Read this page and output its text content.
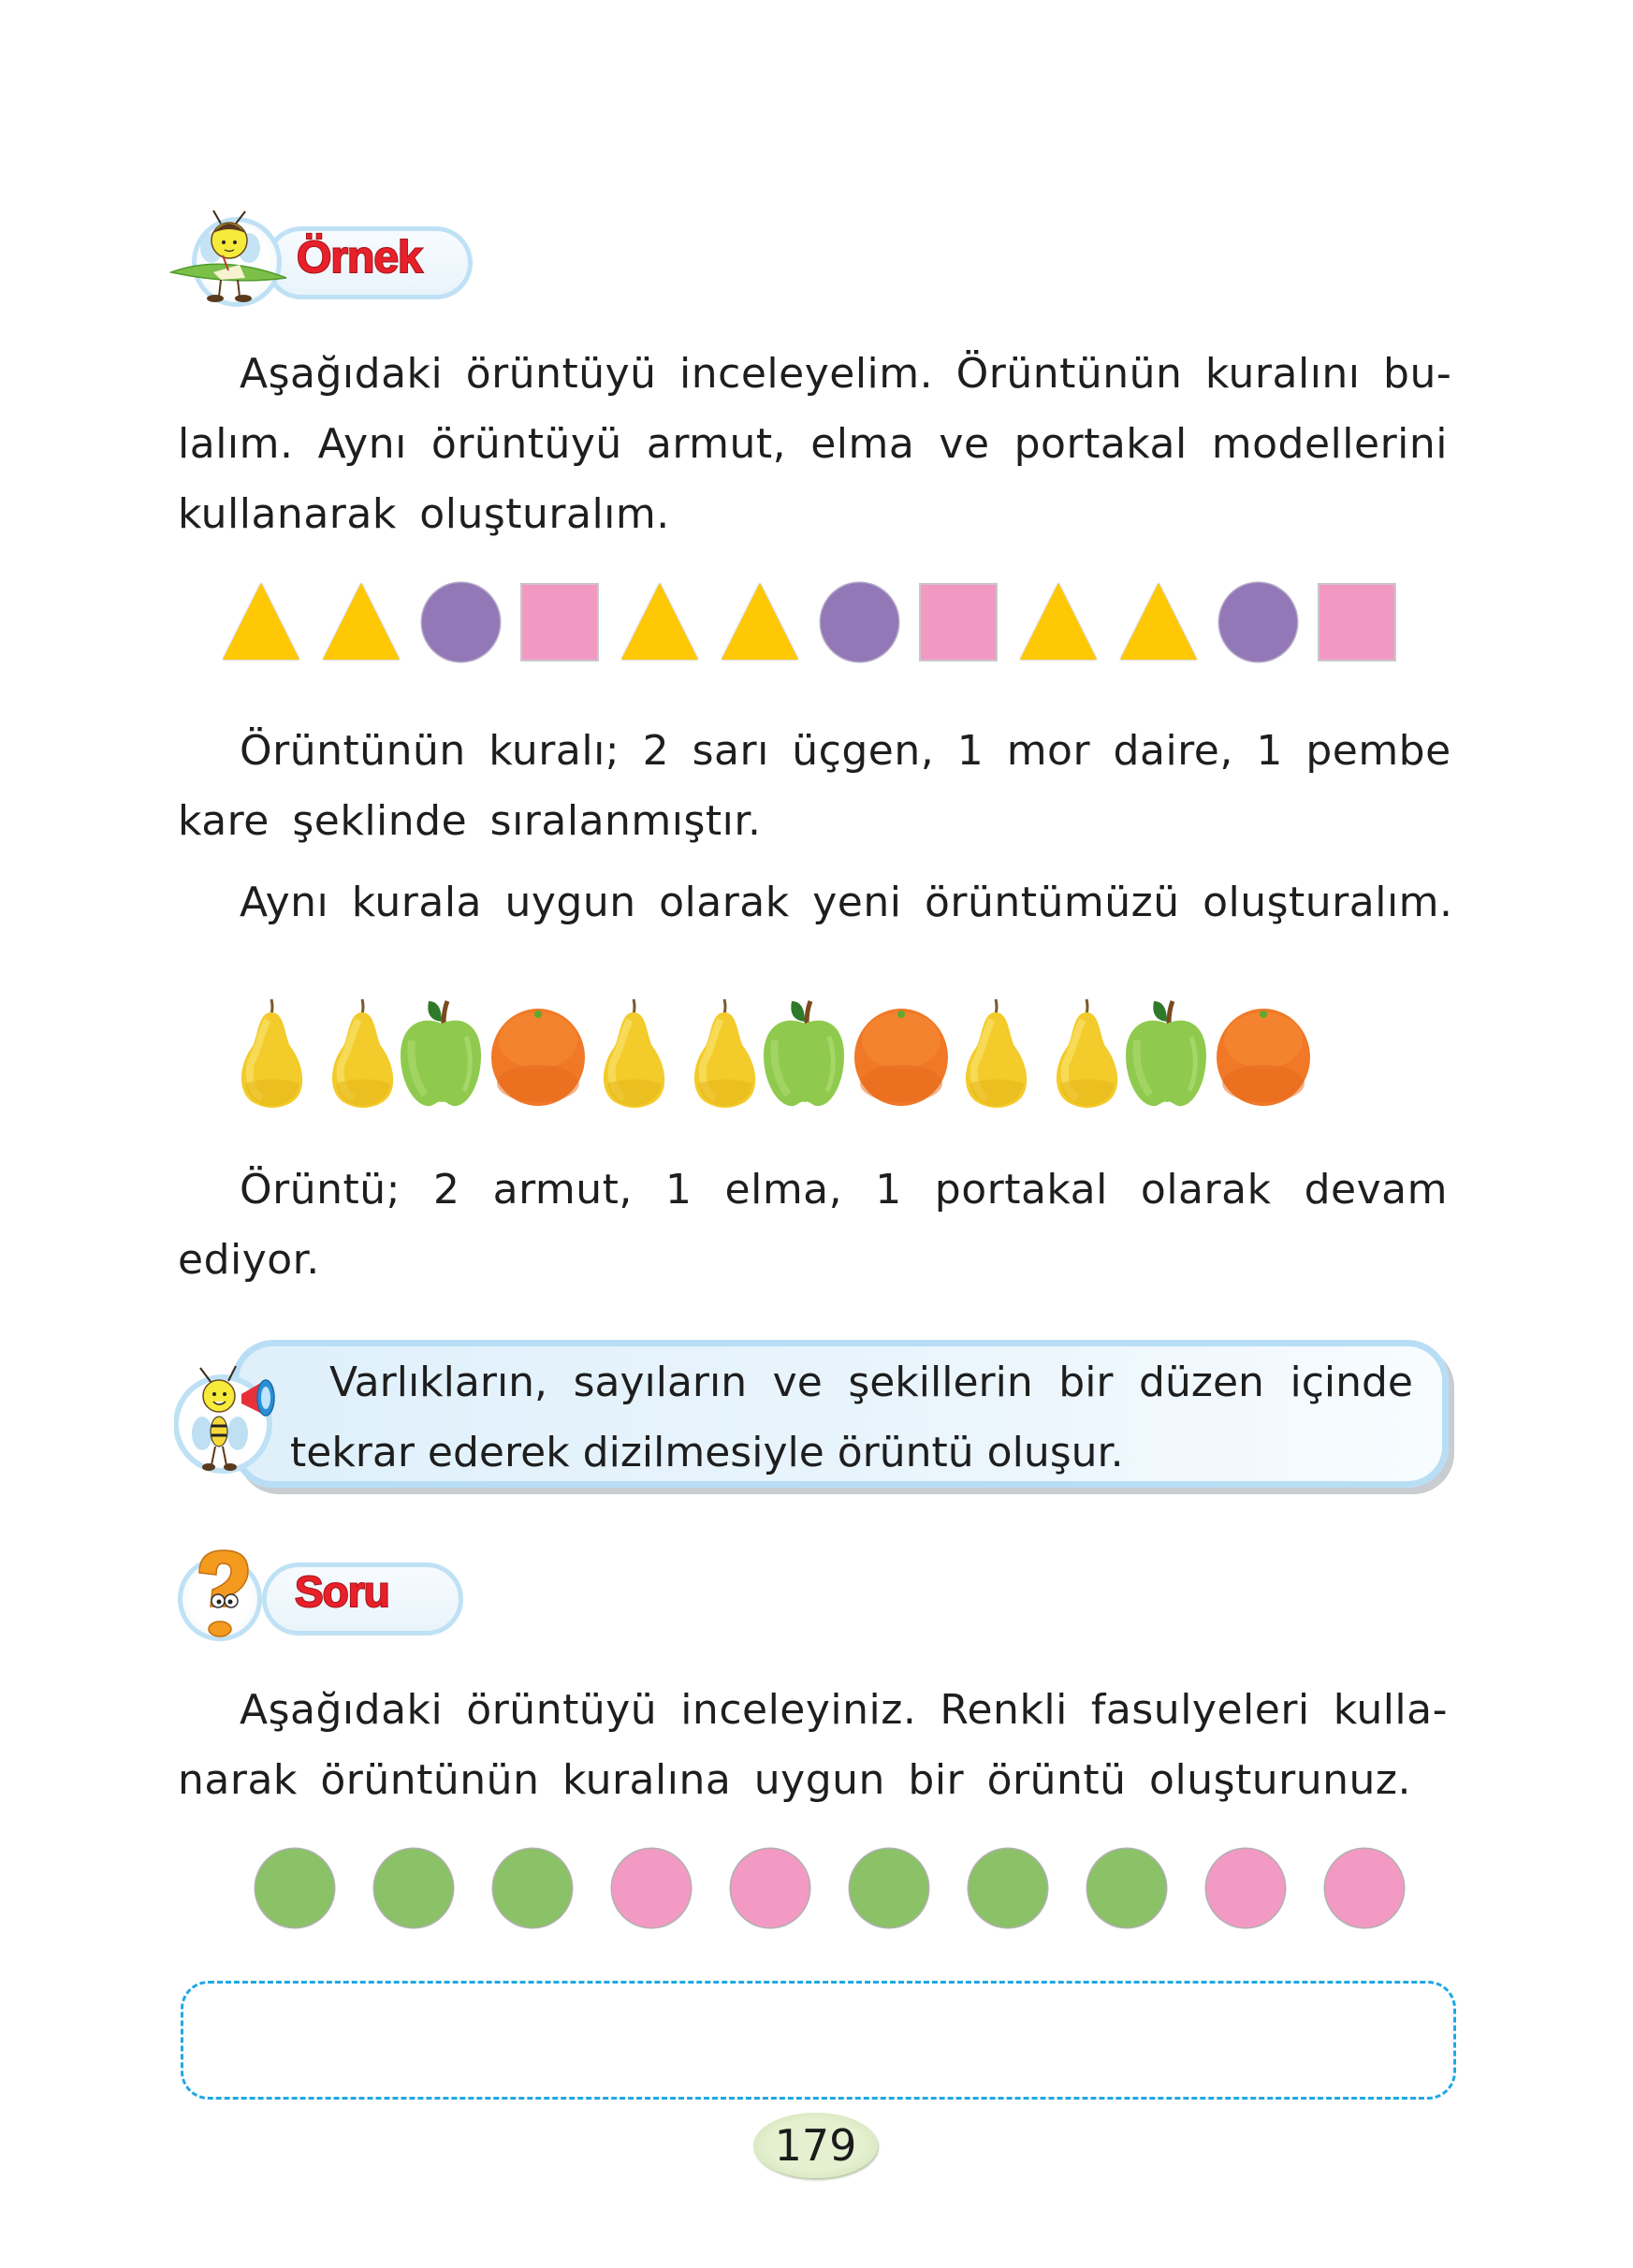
Örnek
Aşağıdaki örüntüyü inceleyelim. Örüntünün kuralını bu-
lalım. Aynı örüntüyü armut, elma ve portakal modellerini
kullanarak oluşturalım.
Örüntünün kuralı; 2 sarı üçgen, 1 mor daire, 1 pembe
kare şeklinde sıralanmıştır.
Aynı kurala uygun olarak yeni örüntümüzü oluşturalım.
Örüntü; 2 armut, 1 elma, 1 portakal olarak devam
ediyor.
Varlıkların, sayıların ve şekillerin bir düzen içinde
tekrar ederek dizilmesiyle örüntü oluşur.
Soru
Aşağıdaki örüntüyü inceleyiniz. Renkli fasulyeleri kulla-
narak örüntünün kuralına uygun bir örüntü oluşturunuz.
179
